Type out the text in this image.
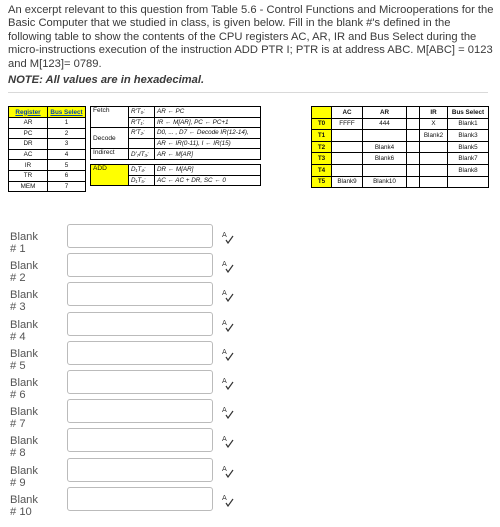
An excerpt relevant to this question from Table 5.6 - Control Functions and Microoperations for the Basic Computer that we studied in class, is given below. Fill in the blank #'s defined in the following table to show the contents of the CPU registers AC, AR, IR and Bus Select during the micro-instructions execution of the instruction ADD PTR I; PTR is at address ABC. M[ABC] = 0123 and M[123]= 0789.
NOTE: All values are in hexadecimal.
Register	Bus Select
AR	1
PC	2
DR	3
AC	4
IR	5
TR	6
MEM	7
Fetch	R'T₀:	AR ← PC
	R'T₁:	IR ← M[AR], PC ← PC+1
Decode	R'T₂:	D0, ... , D7 ← Decode IR(12-14),
		AR ← IR(0-11), I ← IR(15)
Indirect	D'₇IT₃:	AR ← M[AR]

ADD	D₁T₄:	DR ← M[AR]
	D₁T₅:	AC ← AC + DR, SC ← 0
	AC	AR		IR	Bus Select
T0	FFFF	444		X	Blank1
T1				Blank2	Blank3
T2		Blank4			Blank5
T3		Blank6			Blank7
T4					Blank8
T5	Blank9	Blank10			
Blank # 1
A
Blank # 2
A
Blank # 3
A
Blank # 4
A
Blank # 5
A
Blank # 6
A
Blank # 7
A
Blank # 8
A
Blank # 9
A
Blank # 10
A
